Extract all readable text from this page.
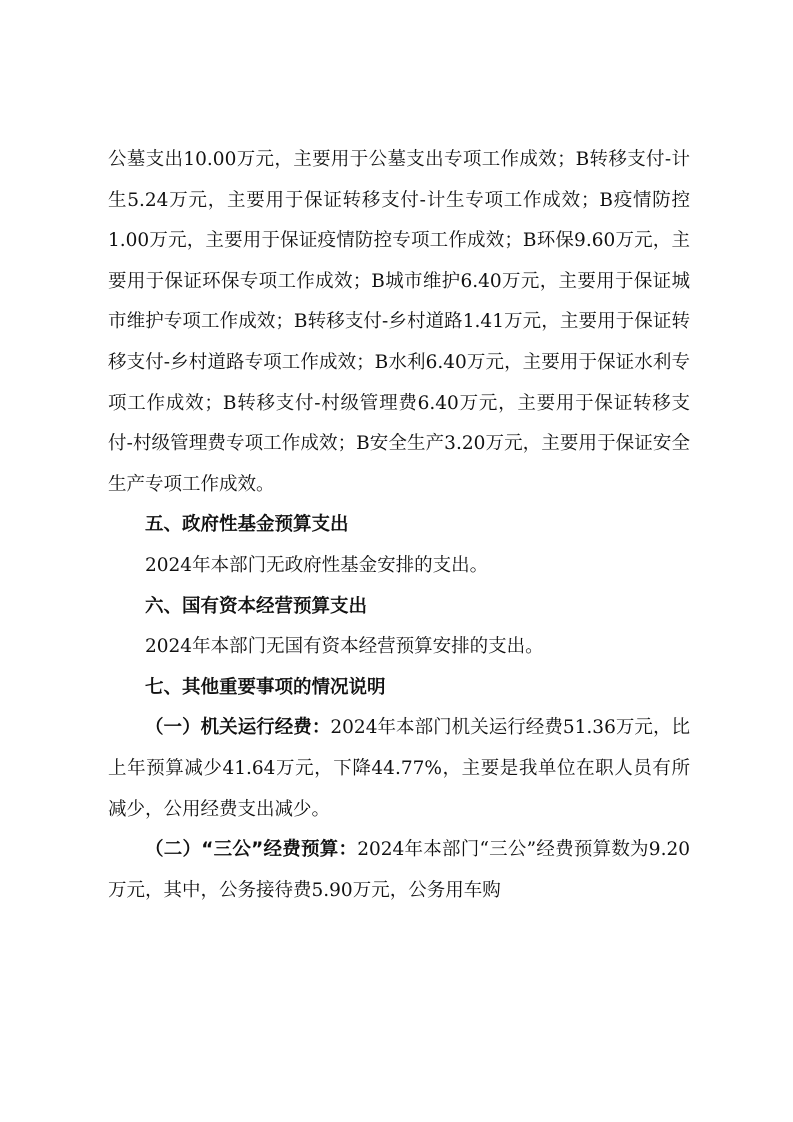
公墓支出10.00万元，主要用于公墓支出专项工作成效；B转移支付-计生5.24万元，主要用于保证转移支付-计生专项工作成效；B疫情防控1.00万元，主要用于保证疫情防控专项工作成效；B环保9.60万元，主要用于保证环保专项工作成效；B城市维护6.40万元，主要用于保证城市维护专项工作成效；B转移支付-乡村道路1.41万元，主要用于保证转移支付-乡村道路专项工作成效；B水利6.40万元，主要用于保证水利专项工作成效；B转移支付-村级管理费6.40万元，主要用于保证转移支付-村级管理费专项工作成效；B安全生产3.20万元，主要用于保证安全生产专项工作成效。

五、政府性基金预算支出

2024年本部门无政府性基金安排的支出。

六、国有资本经营预算支出

2024年本部门无国有资本经营预算安排的支出。

七、其他重要事项的情况说明

（一）机关运行经费：2024年本部门机关运行经费51.36万元，比上年预算减少41.64万元，下降44.77%，主要是我单位在职人员有所减少，公用经费支出减少。

（二）“三公”经费预算：2024年本部门“三公”经费预算数为9.20万元，其中，公务接待费5.90万元，公务用车购
